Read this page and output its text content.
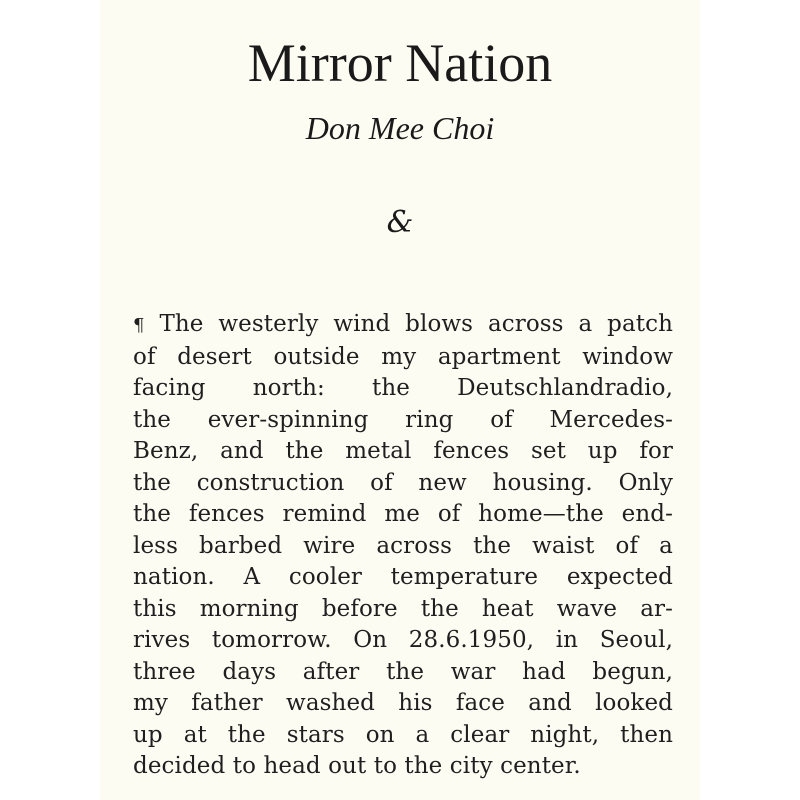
Mirror Nation
Don Mee Choi
&
¶ The westerly wind blows across a patch
of desert outside my apartment window
facing north: the Deutschlandradio,
the ever-spinning ring of Mercedes-
Benz, and the metal fences set up for
the construction of new housing. Only
the fences remind me of home—the end-
less barbed wire across the waist of a
nation. A cooler temperature expected
this morning before the heat wave ar-
rives tomorrow. On 28.6.1950, in Seoul,
three days after the war had begun,
my father washed his face and looked
up at the stars on a clear night, then
decided to head out to the city center.
